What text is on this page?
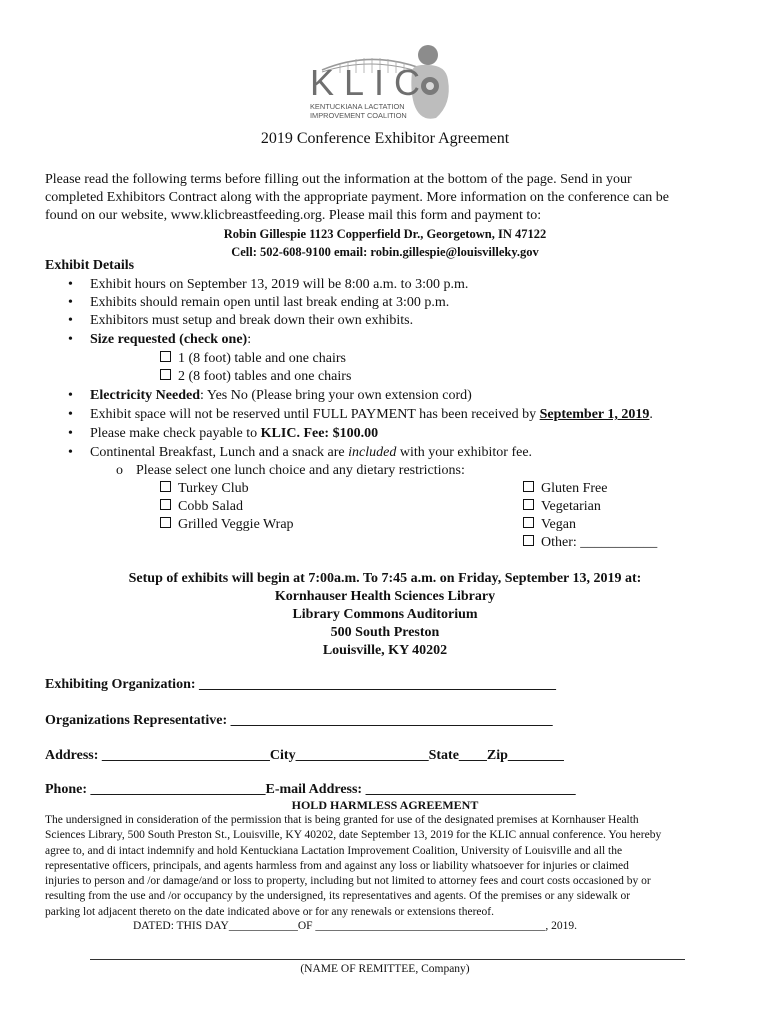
KLIC
KENTUCKIANA LACTATION
IMPROVEMENT COALITION
2019 Conference Exhibitor Agreement
Please read the following terms before filling out the information at the bottom of the page. Send in your
completed Exhibitors Contract along with the appropriate payment. More information on the conference can be
found on our website, www.klicbreastfeeding.org. Please mail this form and payment to:
Robin Gillespie 1123 Copperfield Dr., Georgetown, IN 47122
Cell: 502-608-9100 email: robin.gillespie@louisvilleky.gov
Exhibit Details
• Exhibit hours on September 13, 2019 will be 8:00 a.m. to 3:00 p.m.
• Exhibits should remain open until last break ending at 3:00 p.m.
• Exhibitors must setup and break down their own exhibits.
• Size requested (check one):
1 (8 foot) table and one chairs
2 (8 foot) tables and one chairs
• Electricity Needed: Yes No (Please bring your own extension cord)
• Exhibit space will not be reserved until FULL PAYMENT has been received by September 1, 2019.
• Please make check payable to KLIC. Fee: $100.00
• Continental Breakfast, Lunch and a snack are included with your exhibitor fee.
o Please select one lunch choice and any dietary restrictions:
Turkey Club
Cobb Salad
Grilled Veggie Wrap
Gluten Free
Vegetarian
Vegan
Other: ___________
Setup of exhibits will begin at 7:00a.m. To 7:45 a.m. on Friday, September 13, 2019 at:
Kornhauser Health Sciences Library
Library Commons Auditorium
500 South Preston
Louisville, KY 40202
Exhibiting Organization: ___________________________________________________
Organizations Representative: ______________________________________________
Address: ________________________City___________________State____Zip________
Phone: _________________________E-mail Address: ______________________________
HOLD HARMLESS AGREEMENT
The undersigned in consideration of the permission that is being granted for use of the designated premises at Kornhauser Health
Sciences Library, 500 South Preston St., Louisville, KY 40202, date September 13, 2019 for the KLIC annual conference. You hereby
agree to, and di intact indemnify and hold Kentuckiana Lactation Improvement Coalition, University of Louisville and all the
representative officers, principals, and agents harmless from and against any loss or liability whatsoever for injuries or claimed
injuries to person and /or damage/and or loss to property, including but not limited to attorney fees and court costs occasioned by or
resulting from the use and /or occupancy by the undersigned, its representatives and agents. Of the premises or any sidewalk or
parking lot adjacent thereto on the date indicated above or for any renewals or extensions thereof.
DATED: THIS DAY____________OF ________________________________________, 2019.
(NAME OF REMITTEE, Company)
